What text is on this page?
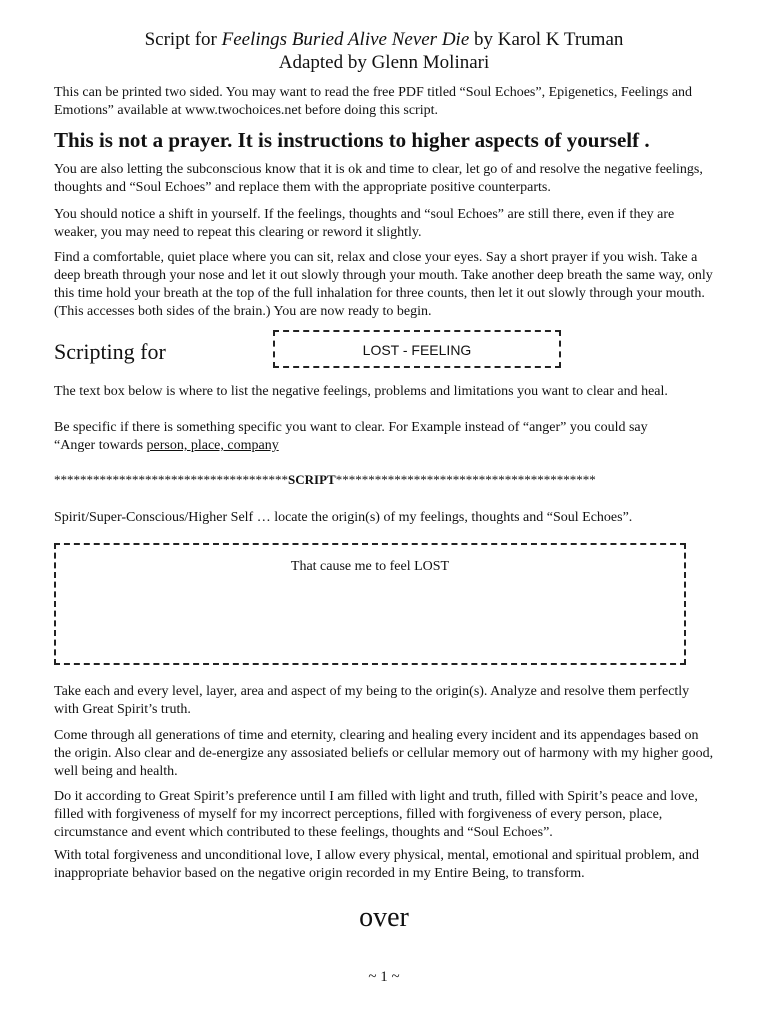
Script for Feelings Buried Alive Never Die by Karol K Truman
Adapted by Glenn Molinari

This can be printed two sided. You may want to read the free PDF titled “Soul Echoes”, Epigenetics, Feelings and Emotions” available at www.twochoices.net before doing this script.

This is not a prayer. It is instructions to higher aspects of yourself .

You are also letting the subconscious know that it is ok and time to clear, let go of and resolve the negative feelings, thoughts and “Soul Echoes” and replace them with the appropriate positive counterparts.

You should notice a shift in yourself. If the feelings, thoughts and “soul Echoes” are still there, even if they are weaker, you may need to repeat this clearing or reword it slightly.

Find a comfortable, quiet place where you can sit, relax and close your eyes. Say a short prayer if you wish. Take a deep breath through your nose and let it out slowly through your mouth. Take another deep breath the same way, only this time hold your breath at the top of the full inhalation for three counts, then let it out slowly through your mouth. (This accesses both sides of the brain.) You are now ready to begin.

Scripting for	LOST - FEELING

The text box below is where to list the negative feelings, problems and limitations you want to clear and heal.

Be specific if there is something specific you want to clear. For Example instead of “anger” you could say

“Anger towards person, place, company

************************************SCRIPT****************************************

Spirit/Super-Conscious/Higher Self … locate the origin(s) of my feelings, thoughts and “Soul Echoes”.

That cause me to feel LOST

Take each and every level, layer, area and aspect of my being to the origin(s). Analyze and resolve them perfectly with Great Spirit’s truth.

Come through all generations of time and eternity, clearing and healing every incident and its appendages based on the origin. Also clear and de-energize any assosiated beliefs or cellular memory out of harmony with my higher good, well being and health.

Do it according to Great Spirit’s preference until I am filled with light and truth, filled with Spirit’s peace and love, filled with forgiveness of myself for my incorrect perceptions, filled with forgiveness of every person, place, circumstance and event which contributed to these feelings, thoughts and “Soul Echoes”.

With total forgiveness and unconditional love, I allow every physical, mental, emotional and spiritual problem, and inappropriate behavior based on the negative origin recorded in my Entire Being, to transform.

over
~ 1 ~
